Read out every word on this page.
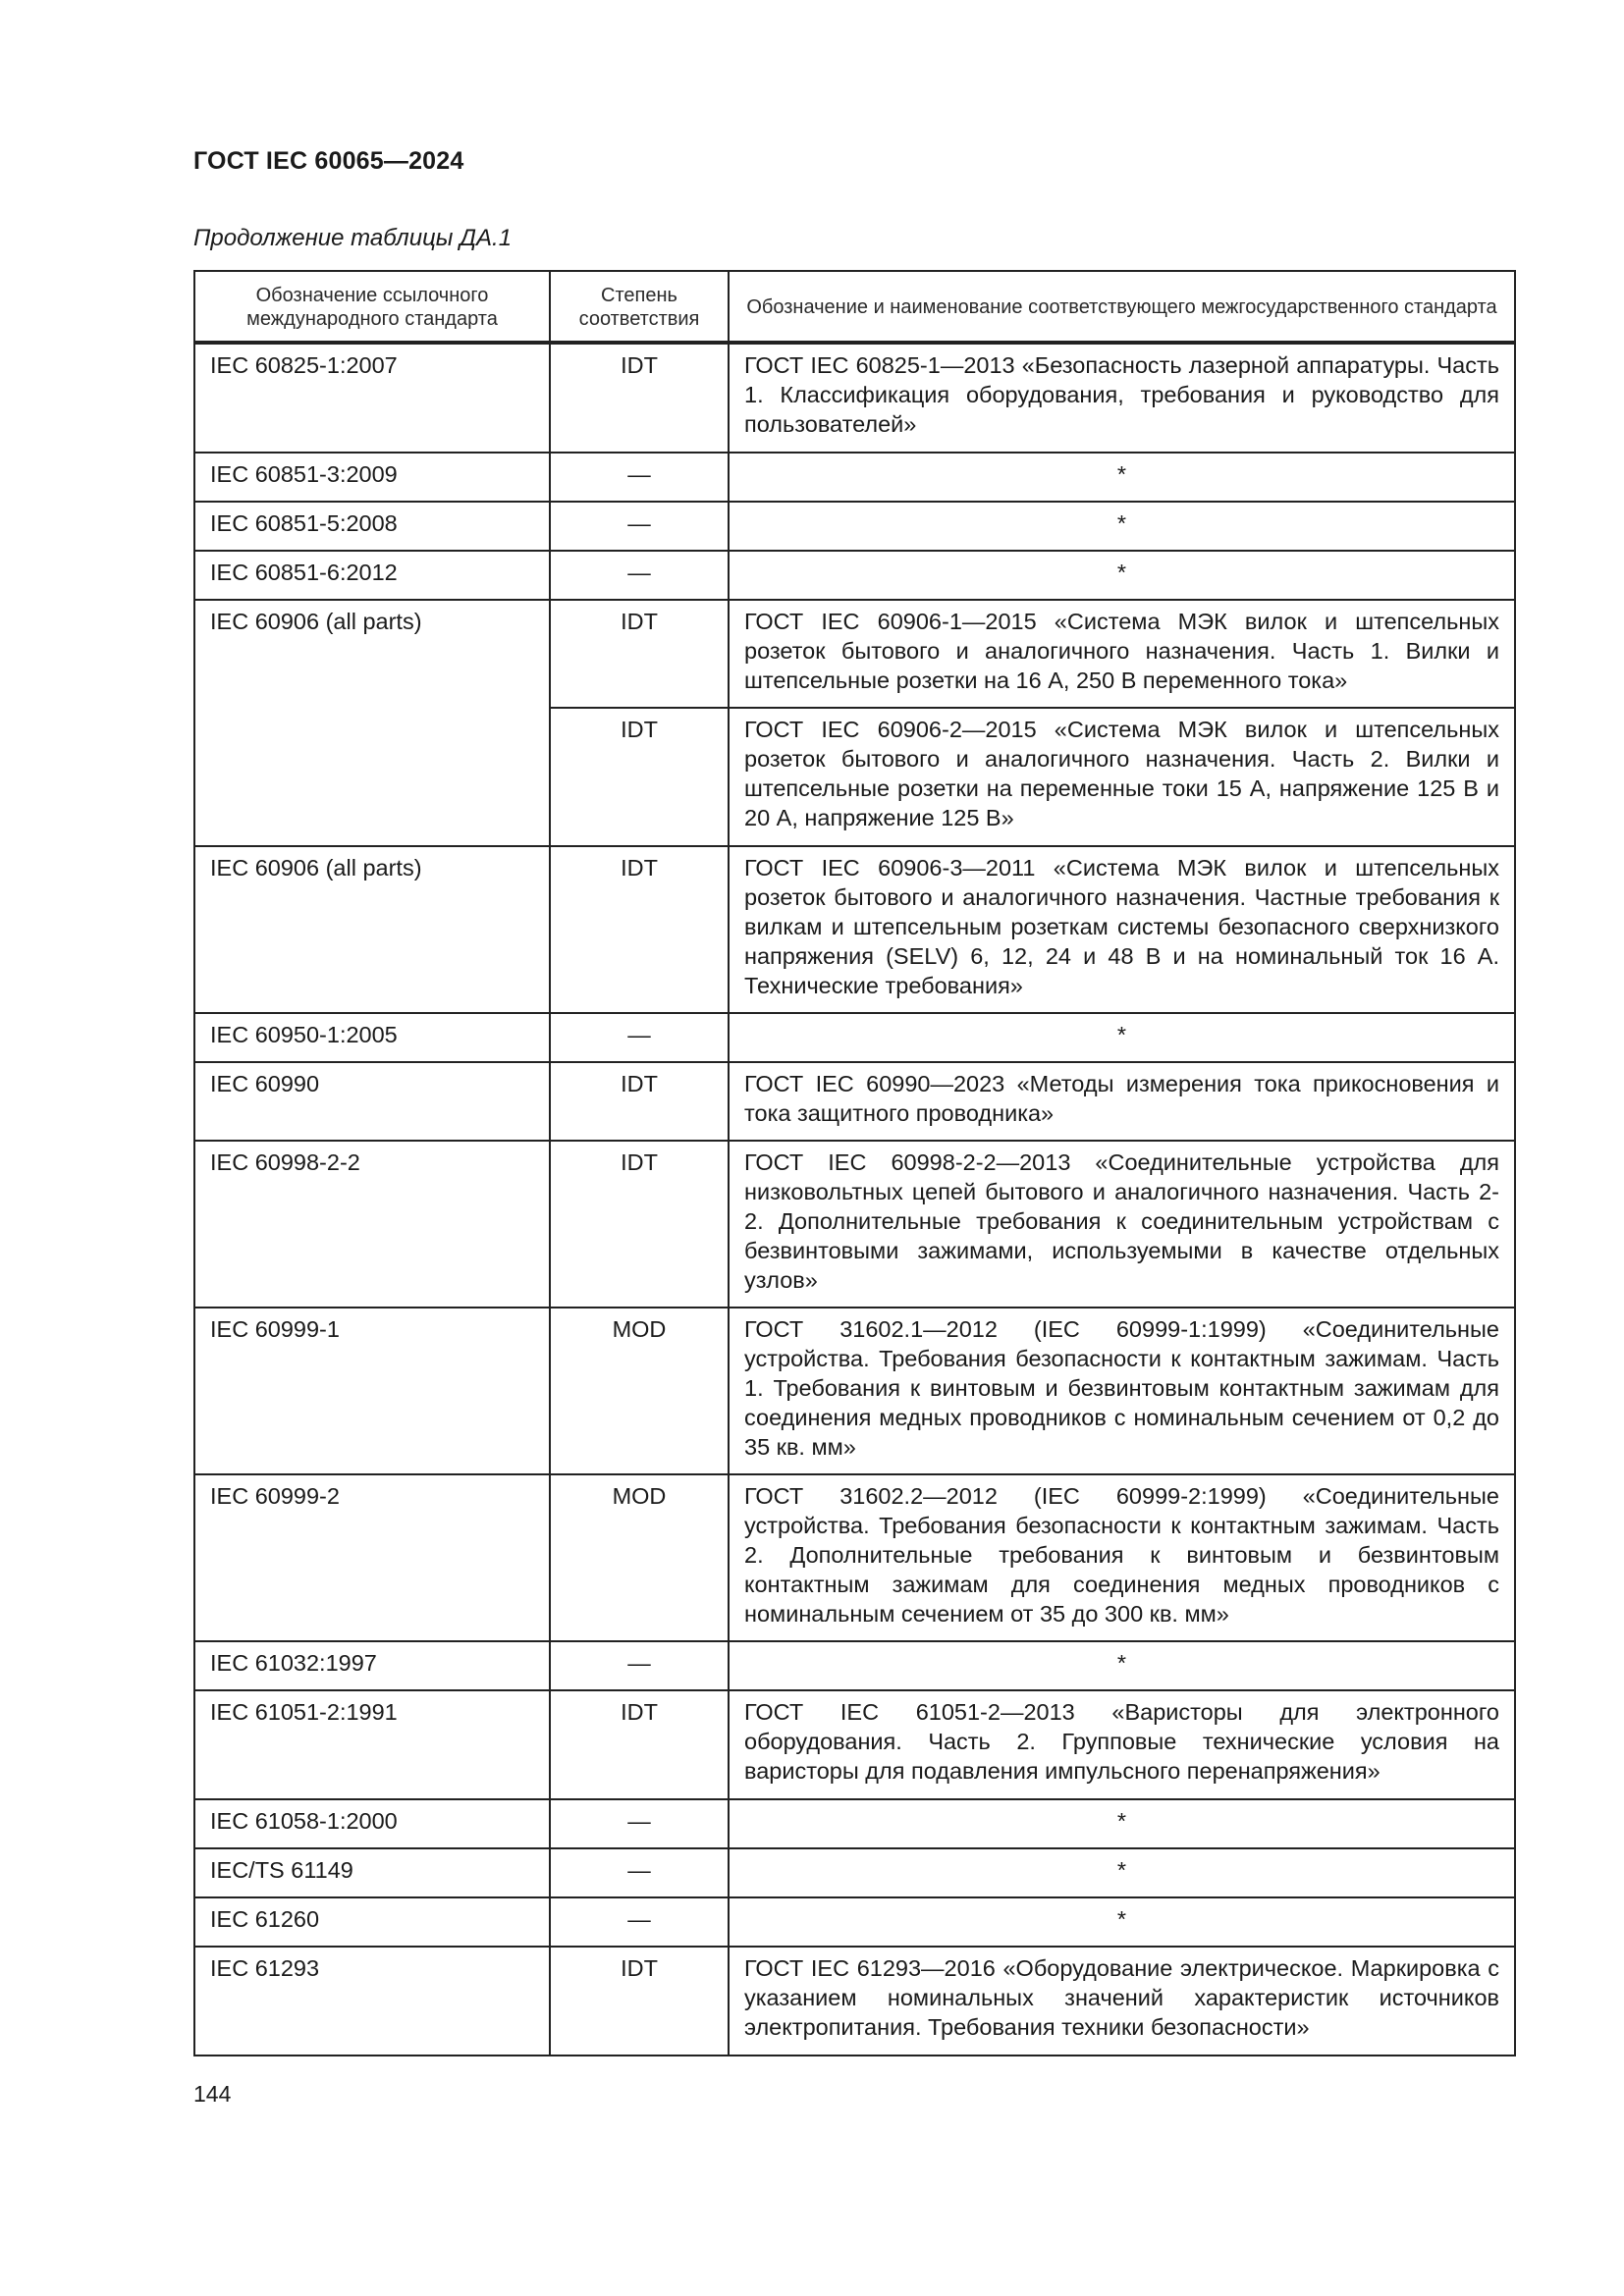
ГОСТ IEC 60065—2024
Продолжение таблицы ДА.1
Обозначение ссылочного международного стандарта	Степень соответствия	Обозначение и наименование соответствующего межгосударственного стандарта
IEC 60825-1:2007	IDT	ГОСТ IEC 60825-1—2013 «Безопасность лазерной аппаратуры. Часть 1. Классификация оборудования, требования и руководство для пользователей»
IEC 60851-3:2009	—	*
IEC 60851-5:2008	—	*
IEC 60851-6:2012	—	*
IEC 60906 (all parts)	IDT	ГОСТ IEC 60906-1—2015 «Система МЭК вилок и штепсельных розеток бытового и аналогичного назначения. Часть 1. Вилки и штепсельные розетки на 16 А, 250 В переменного тока»
	IDT	ГОСТ IEC 60906-2—2015 «Система МЭК вилок и штепсельных розеток бытового и аналогичного назначения. Часть 2. Вилки и штепсельные розетки на переменные токи 15 А, напряжение 125 В и 20 А, напряжение 125 В»
IEC 60906 (all parts)	IDT	ГОСТ IEC 60906-3—2011 «Система МЭК вилок и штепсельных розеток бытового и аналогичного назначения. Частные требования к вилкам и штепсельным розеткам системы безопасного сверхнизкого напряжения (SELV) 6, 12, 24 и 48 В и на номинальный ток 16 А. Технические требования»
IEC 60950-1:2005	—	*
IEC 60990	IDT	ГОСТ IEC 60990—2023 «Методы измерения тока прикосновения и тока защитного проводника»
IEC 60998-2-2	IDT	ГОСТ IEC 60998-2-2—2013 «Соединительные устройства для низковольтных цепей бытового и аналогичного назначения. Часть 2-2. Дополнительные требования к соединительным устройствам с безвинтовыми зажимами, используемыми в качестве отдельных узлов»
IEC 60999-1	MOD	ГОСТ 31602.1—2012 (IEC 60999-1:1999) «Соединительные устройства. Требования безопасности к контактным зажимам. Часть 1. Требования к винтовым и безвинтовым контактным зажимам для соединения медных проводников с номинальным сечением от 0,2 до 35 кв. мм»
IEC 60999-2	MOD	ГОСТ 31602.2—2012 (IEC 60999-2:1999) «Соединительные устройства. Требования безопасности к контактным зажимам. Часть 2. Дополнительные требования к винтовым и безвинтовым контактным зажимам для соединения медных проводников с номинальным сечением от 35 до 300 кв. мм»
IEC 61032:1997	—	*
IEC 61051-2:1991	IDT	ГОСТ IEC 61051-2—2013 «Варисторы для электронного оборудования. Часть 2. Групповые технические условия на варисторы для подавления импульсного перенапряжения»
IEC 61058-1:2000	—	*
IEC/TS 61149	—	*
IEC 61260	—	*
IEC 61293	IDT	ГОСТ IEC 61293—2016 «Оборудование электрическое. Маркировка с указанием номинальных значений характеристик источников электропитания. Требования техники безопасности»
144
